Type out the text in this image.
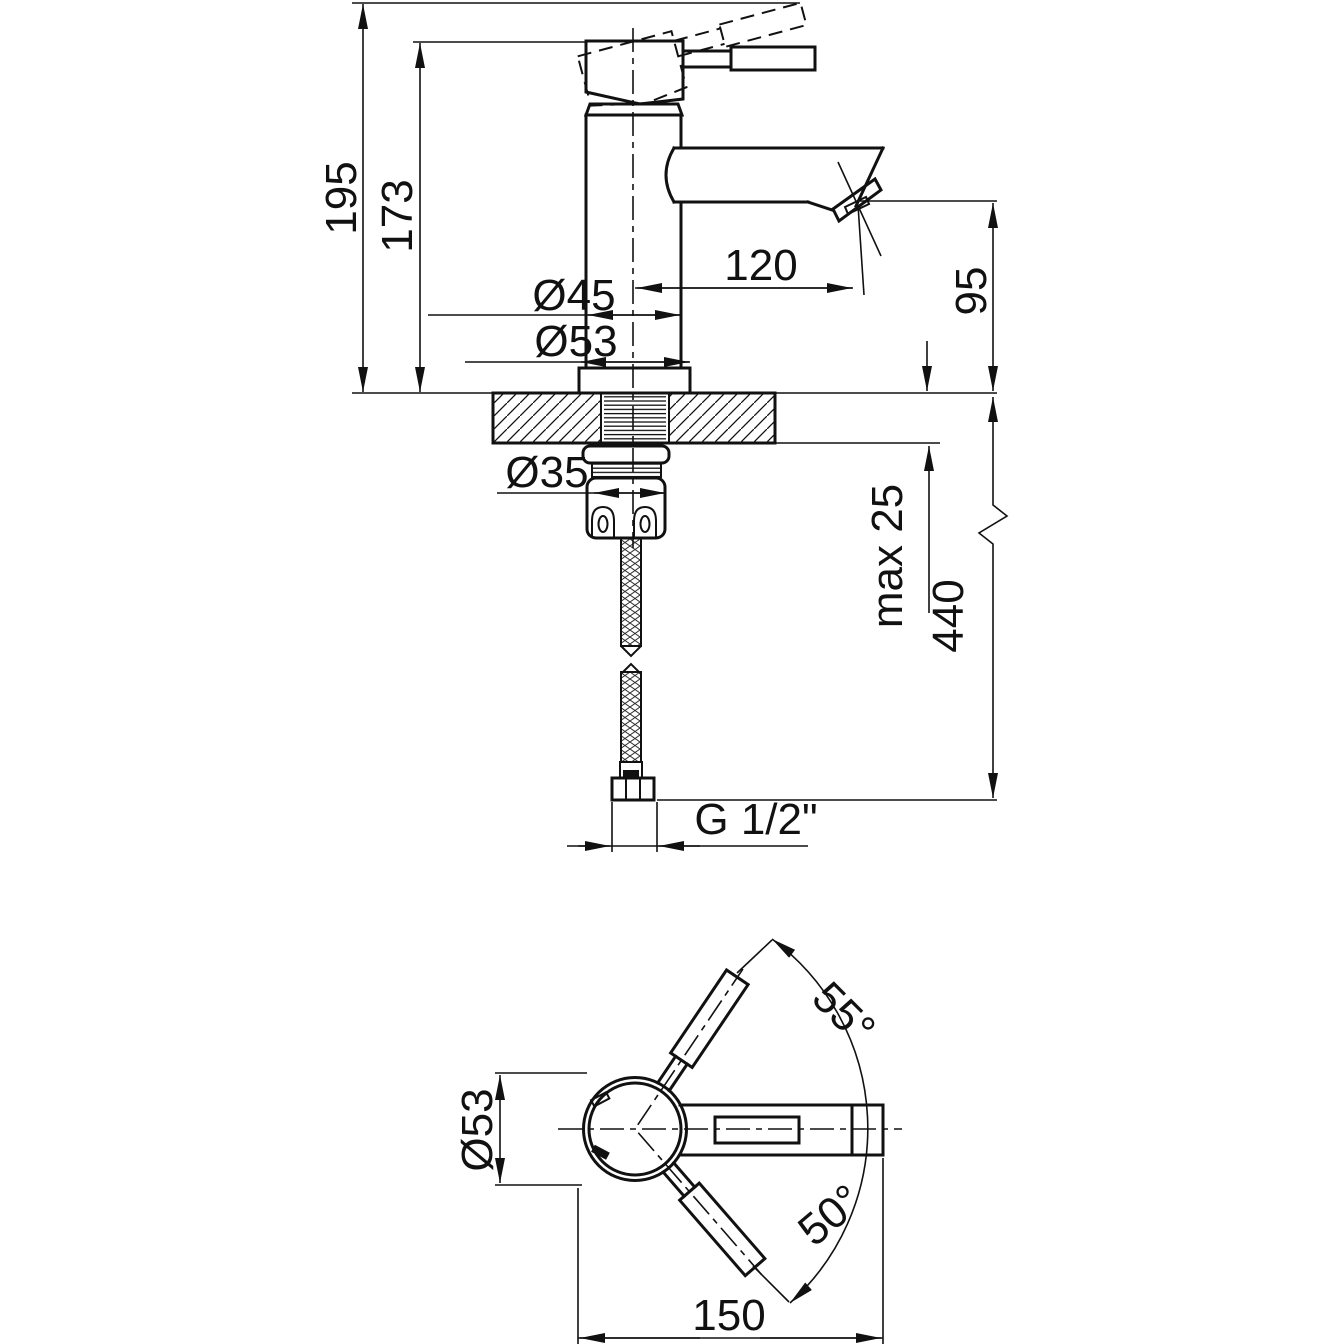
195 173
Ø45
Ø53
120
95
max 25 440
Ø35
G 1/2"
55°
50°
Ø53
150
